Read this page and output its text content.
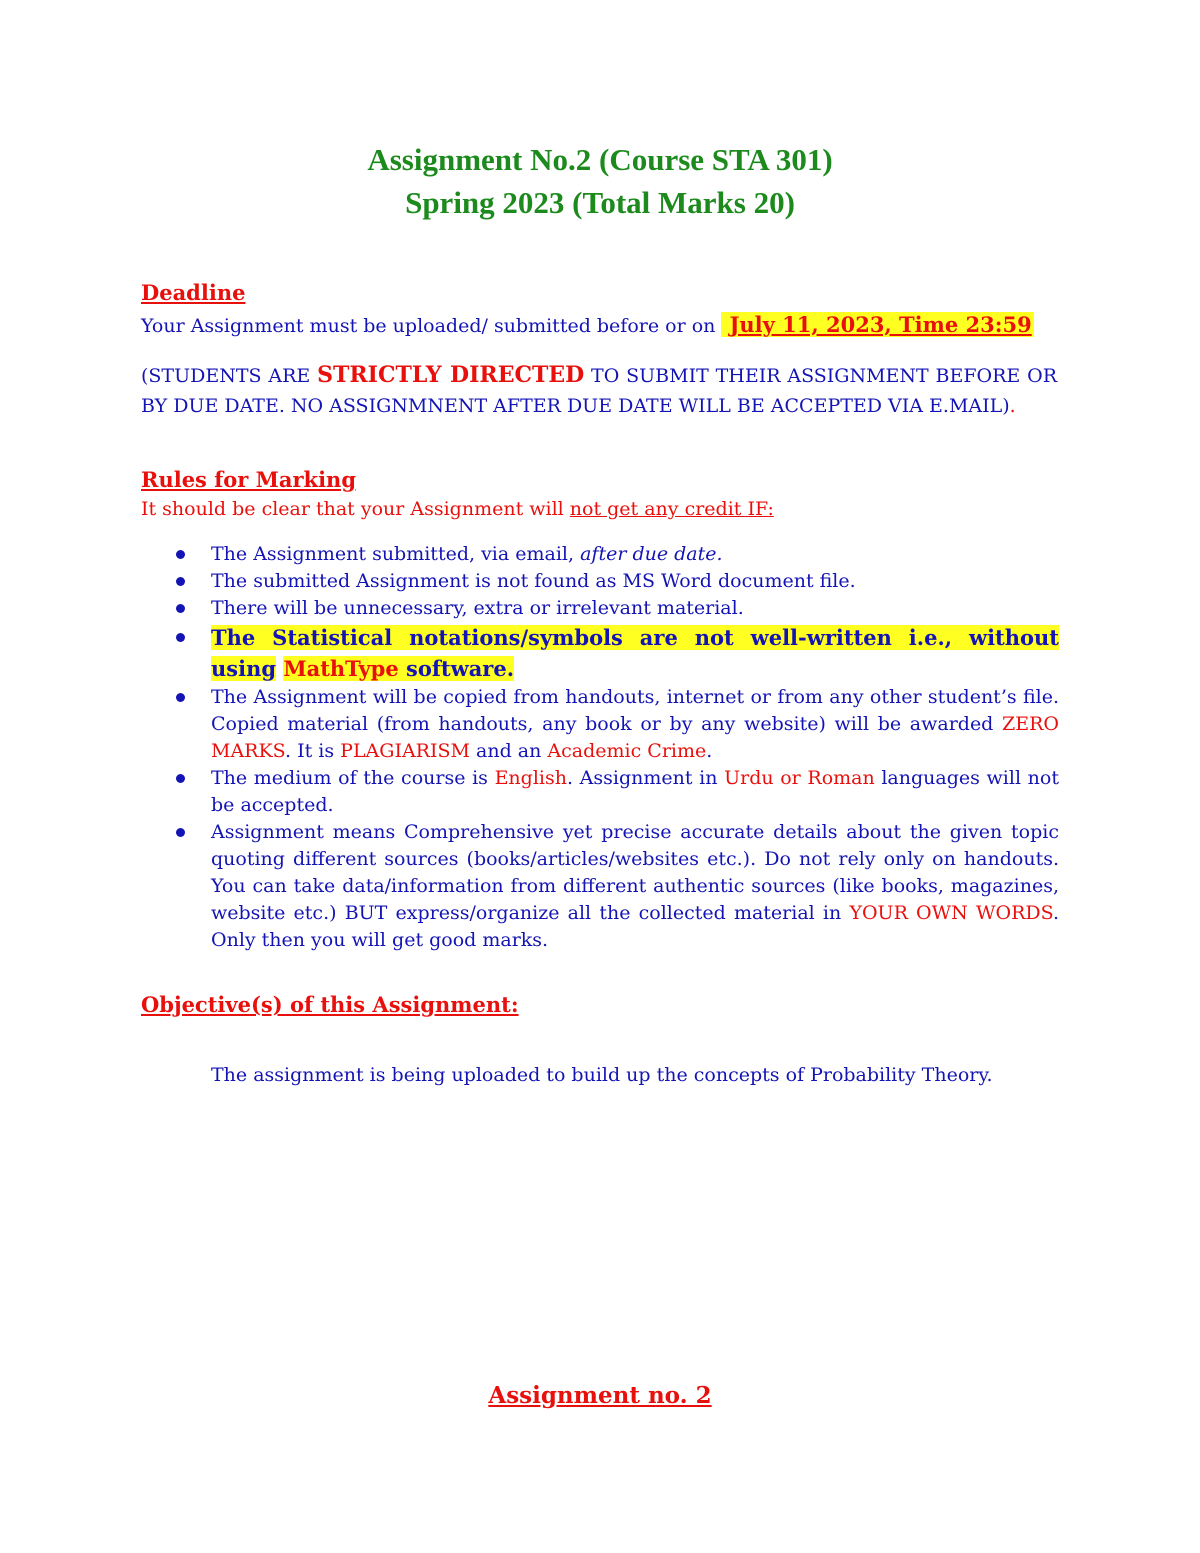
Assignment No.2 (Course STA 301)
Spring 2023 (Total Marks 20)
Deadline
Your Assignment must be uploaded/ submitted before or on July 11, 2023, Time 23:59
(STUDENTS ARE STRICTLY DIRECTED TO SUBMIT THEIR ASSIGNMENT BEFORE OR BY DUE DATE. NO ASSIGNMNENT AFTER DUE DATE WILL BE ACCEPTED VIA E.MAIL).
Rules for Marking
It should be clear that your Assignment will not get any credit IF:
The Assignment submitted, via email, after due date.
The submitted Assignment is not found as MS Word document file.
There will be unnecessary, extra or irrelevant material.
The Statistical notations/symbols are not well-written i.e., without using MathType software.
The Assignment will be copied from handouts, internet or from any other student’s file. Copied material (from handouts, any book or by any website) will be awarded ZERO MARKS. It is PLAGIARISM and an Academic Crime.
The medium of the course is English. Assignment in Urdu or Roman languages will not be accepted.
Assignment means Comprehensive yet precise accurate details about the given topic quoting different sources (books/articles/websites etc.). Do not rely only on handouts. You can take data/information from different authentic sources (like books, magazines, website etc.) BUT express/organize all the collected material in YOUR OWN WORDS. Only then you will get good marks.
Objective(s) of this Assignment:
The assignment is being uploaded to build up the concepts of Probability Theory.
Assignment no. 2
